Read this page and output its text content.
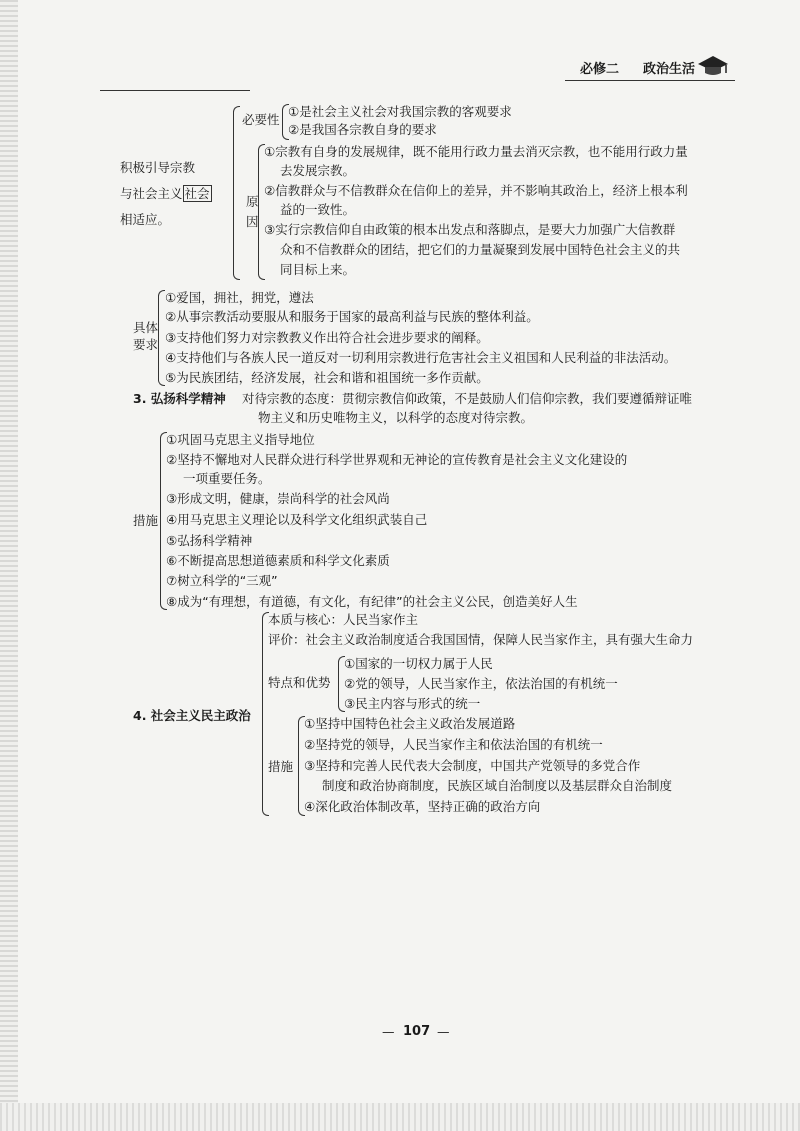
必修二 政治生活
积极引导宗教
与社会主义 社会
相适应。
必要性
①是社会主义社会对我国宗教的客观要求
②是我国各宗教自身的要求
原
因
①宗教有自身的发展规律，既不能用行政力量去消灭宗教，也不能用行政力量
去发展宗教。
②信教群众与不信教群众在信仰上的差异，并不影响其政治上，经济上根本利
益的一致性。
③实行宗教信仰自由政策的根本出发点和落脚点，是要大力加强广大信教群
众和不信教群众的团结，把它们的力量凝聚到发展中国特色社会主义的共
同目标上来。
具体
要求
①爱国，拥社，拥党，遵法
②从事宗教活动要服从和服务于国家的最高利益与民族的整体利益。
③支持他们努力对宗教教义作出符合社会进步要求的阐释。
④支持他们与各族人民一道反对一切利用宗教进行危害社会主义祖国和人民利益的非法活动。
⑤为民族团结，经济发展，社会和谐和祖国统一多作贡献。
3. 弘扬科学精神 对待宗教的态度：贯彻宗教信仰政策，不是鼓励人们信仰宗教，我们要遵循辩证唯
物主义和历史唯物主义，以科学的态度对待宗教。
措施
①巩固马克思主义指导地位
②坚持不懈地对人民群众进行科学世界观和无神论的宣传教育是社会主义文化建设的
一项重要任务。
③形成文明，健康，崇尚科学的社会风尚
④用马克思主义理论以及科学文化组织武装自己
⑤弘扬科学精神
⑥不断提高思想道德素质和科学文化素质
⑦树立科学的“三观”
⑧成为“有理想，有道德，有文化，有纪律”的社会主义公民，创造美好人生
4. 社会主义民主政治
本质与核心：人民当家作主
评价：社会主义政治制度适合我国国情，保障人民当家作主，具有强大生命力
特点和优势
①国家的一切权力属于人民
②党的领导，人民当家作主，依法治国的有机统一
③民主内容与形式的统一
措施
①坚持中国特色社会主义政治发展道路
②坚持党的领导，人民当家作主和依法治国的有机统一
③坚持和完善人民代表大会制度，中国共产党领导的多党合作
制度和政治协商制度，民族区域自治制度以及基层群众自治制度
④深化政治体制改革，坚持正确的政治方向
— 107 —
